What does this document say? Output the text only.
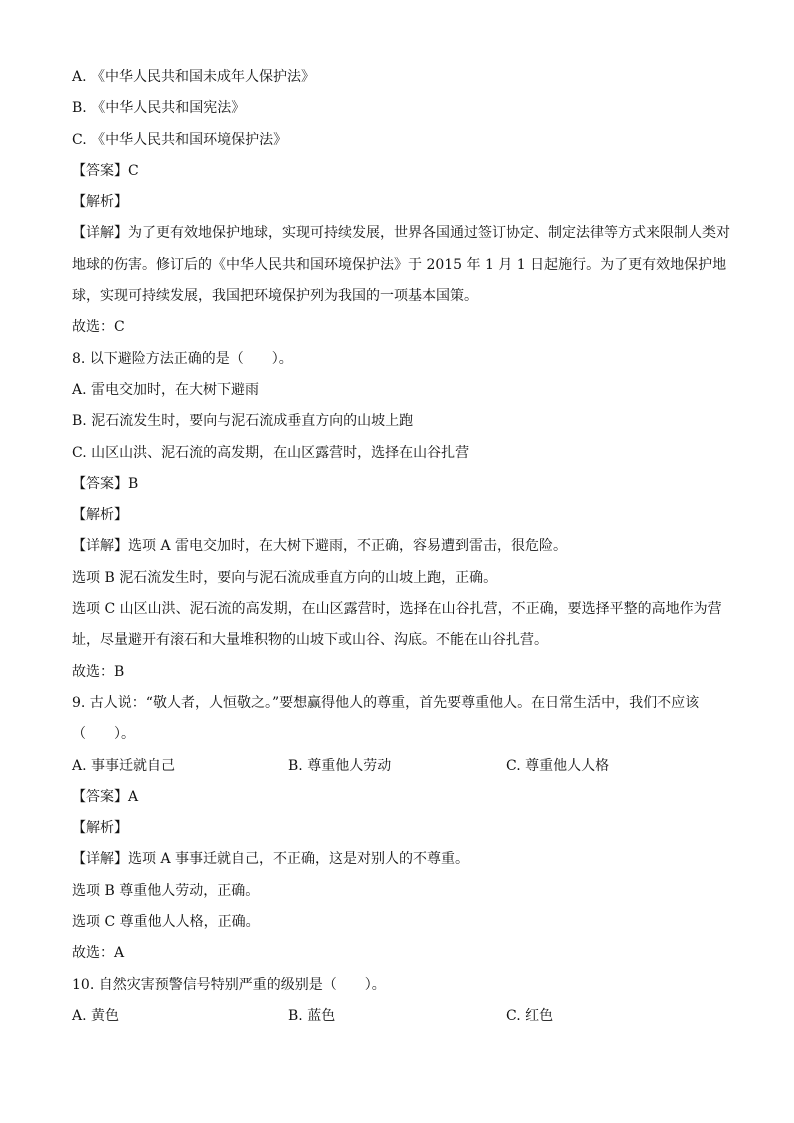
A. 《中华人民共和国未成年人保护法》
B. 《中华人民共和国宪法》
C. 《中华人民共和国环境保护法》
【答案】C
【解析】
【详解】为了更有效地保护地球，实现可持续发展，世界各国通过签订协定、制定法律等方式来限制人类对地球的伤害。修订后的《中华人民共和国环境保护法》于 2015 年 1 月 1 日起施行。为了更有效地保护地球，实现可持续发展，我国把环境保护列为我国的一项基本国策。
故选：C
8. 以下避险方法正确的是（　　）。
A. 雷电交加时，在大树下避雨
B. 泥石流发生时，要向与泥石流成垂直方向的山坡上跑
C. 山区山洪、泥石流的高发期，在山区露营时，选择在山谷扎营
【答案】B
【解析】
【详解】选项 A 雷电交加时，在大树下避雨，不正确，容易遭到雷击，很危险。
选项 B 泥石流发生时，要向与泥石流成垂直方向的山坡上跑，正确。
选项 C 山区山洪、泥石流的高发期，在山区露营时，选择在山谷扎营，不正确，要选择平整的高地作为营址，尽量避开有滚石和大量堆积物的山坡下或山谷、沟底。不能在山谷扎营。
故选：B
9. 古人说：“敬人者，人恒敬之。”要想赢得他人的尊重，首先要尊重他人。在日常生活中，我们不应该（　　）。
A. 事事迁就自己	B. 尊重他人劳动	C. 尊重他人人格
【答案】A
【解析】
【详解】选项 A 事事迁就自己，不正确，这是对别人的不尊重。
选项 B 尊重他人劳动，正确。
选项 C 尊重他人人格，正确。
故选：A
10. 自然灾害预警信号特别严重的级别是（　　）。
A. 黄色	B. 蓝色	C. 红色
